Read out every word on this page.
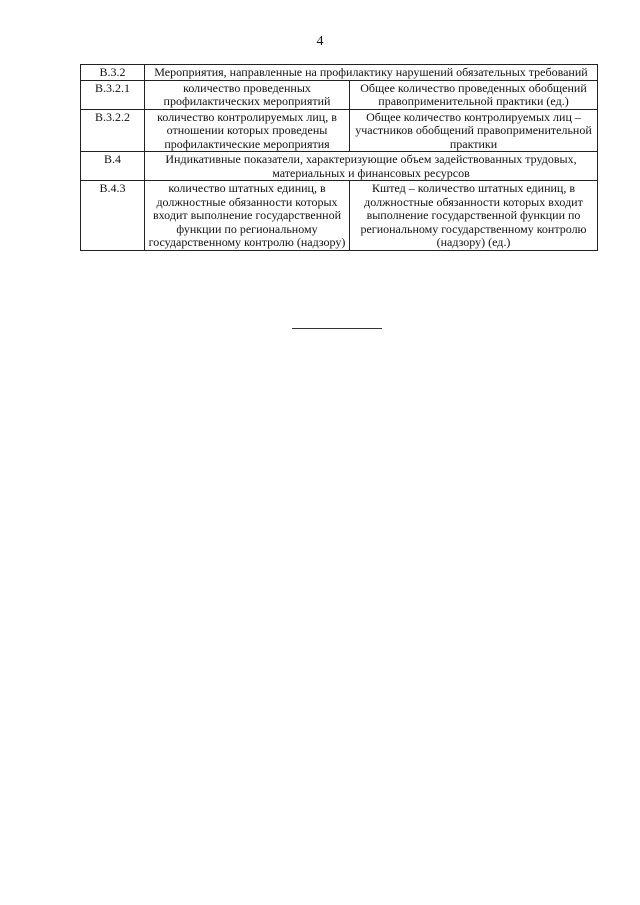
4
В.3.2	Мероприятия, направленные на профилактику нарушений обязательных требований	
В.3.2.1	количество проведенных профилактических мероприятий	Общее количество проведенных обобщений правоприменительной практики (ед.)
В.3.2.2	количество контролируемых лиц, в отношении которых проведены профилактические мероприятия	Общее количество контролируемых лиц – участников обобщений правоприменительной практики
В.4	Индикативные показатели, характеризующие объем задействованных трудовых, материальных и финансовых ресурсов	
В.4.3	количество штатных единиц, в должностные обязанности которых входит выполнение государственной функции по региональному государственному контролю (надзору)	Кштед – количество штатных единиц, в должностные обязанности которых входит выполнение государственной функции по региональному государственному контролю (надзору) (ед.)
